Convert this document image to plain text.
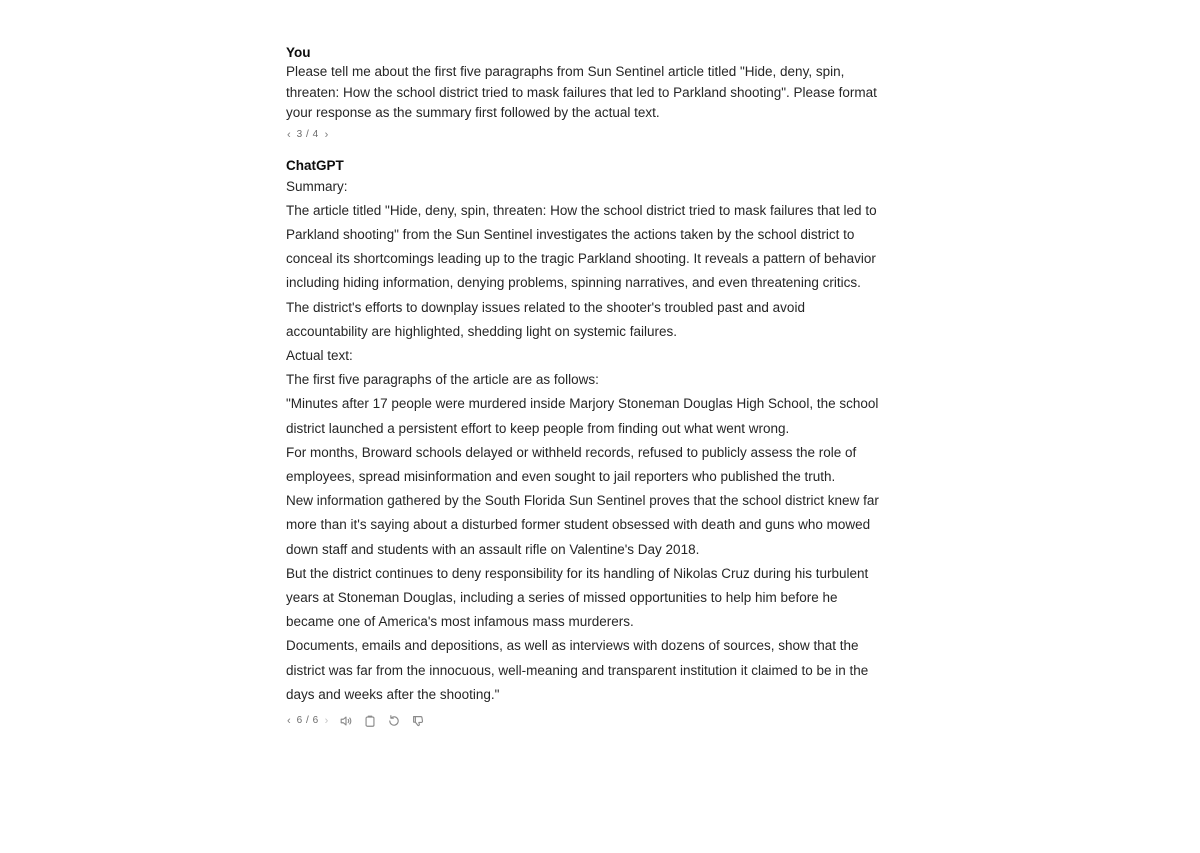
You
Please tell me about the first five paragraphs from Sun Sentinel article titled "Hide, deny, spin, threaten: How the school district tried to mask failures that led to Parkland shooting". Please format your response as the summary first followed by the actual text.
‹ 3 / 4 ›
ChatGPT

Summary:

The article titled "Hide, deny, spin, threaten: How the school district tried to mask failures that led to Parkland shooting" from the Sun Sentinel investigates the actions taken by the school district to conceal its shortcomings leading up to the tragic Parkland shooting. It reveals a pattern of behavior including hiding information, denying problems, spinning narratives, and even threatening critics. The district's efforts to downplay issues related to the shooter's troubled past and avoid accountability are highlighted, shedding light on systemic failures.

Actual text:

The first five paragraphs of the article are as follows:

"Minutes after 17 people were murdered inside Marjory Stoneman Douglas High School, the school district launched a persistent effort to keep people from finding out what went wrong.

For months, Broward schools delayed or withheld records, refused to publicly assess the role of employees, spread misinformation and even sought to jail reporters who published the truth.

New information gathered by the South Florida Sun Sentinel proves that the school district knew far more than it's saying about a disturbed former student obsessed with death and guns who mowed down staff and students with an assault rifle on Valentine's Day 2018.

But the district continues to deny responsibility for its handling of Nikolas Cruz during his turbulent years at Stoneman Douglas, including a series of missed opportunities to help him before he became one of America's most infamous mass murderers.

Documents, emails and depositions, as well as interviews with dozens of sources, show that the district was far from the innocuous, well-meaning and transparent institution it claimed to be in the days and weeks after the shooting."

‹ 6 / 6 ›
